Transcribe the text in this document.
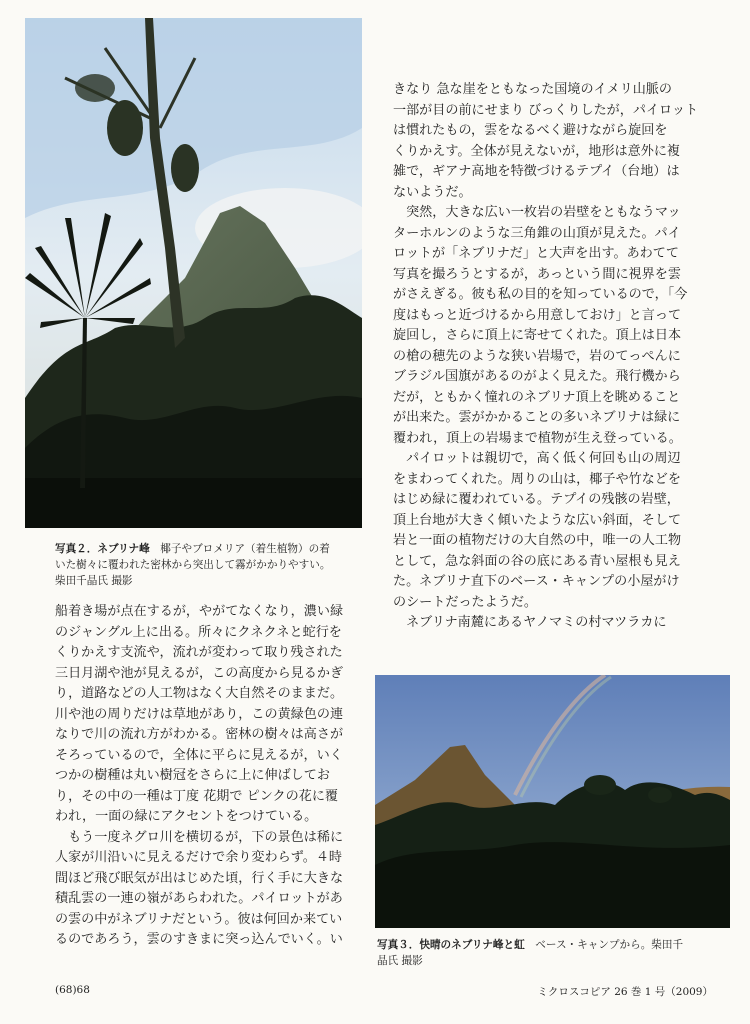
写真２．ネブリナ峰　椰子やブロメリア（着生植物）の着
いた樹々に覆われた密林から突出して霧がかかりやすい。
柴田千晶氏 撮影

きなり 急な崖をともなった国境のイメリ山脈の

一部が目の前にせまり びっくりしたが，パイロット

は慣れたもの，雲をなるべく避けながら旋回を

くりかえす。全体が見えないが，地形は意外に複

雑で，ギアナ高地を特徴づけるテプイ（台地）は

ないようだ。

　突然，大きな広い一枚岩の岩壁をともなうマッ

ターホルンのような三角錐の山頂が見えた。パイ

ロットが「ネブリナだ」と大声を出す。あわてて

写真を撮ろうとするが，あっという間に視界を雲

がさえぎる。彼も私の目的を知っているので，「今

度はもっと近づけるから用意しておけ」と言って

旋回し，さらに頂上に寄せてくれた。頂上は日本

の槍の穂先のような狭い岩場で，岩のてっぺんに

ブラジル国旗があるのがよく見えた。飛行機から

だが，ともかく憧れのネブリナ頂上を眺めること

が出来た。雲がかかることの多いネブリナは緑に

覆われ，頂上の岩場まで植物が生え登っている。

　パイロットは親切で，高く低く何回も山の周辺

をまわってくれた。周りの山は，椰子や竹などを

はじめ緑に覆われている。テプイの残骸の岩壁，

頂上台地が大きく傾いたような広い斜面，そして

岩と一面の植物だけの大自然の中，唯一の人工物

として，急な斜面の谷の底にある青い屋根も見え

た。ネブリナ直下のベース・キャンプの小屋がけ

のシートだったようだ。

　ネブリナ南麓にあるヤノマミの村マツラカに

船着き場が点在するが，やがてなくなり，濃い緑

のジャングル上に出る。所々にクネクネと蛇行を

くりかえす支流や，流れが変わって取り残された

三日月湖や池が見えるが，この高度から見るかぎ

り，道路などの人工物はなく大自然そのままだ。

川や池の周りだけは草地があり，この黄緑色の連

なりで川の流れ方がわかる。密林の樹々は高さが

そろっているので，全体に平らに見えるが，いく

つかの樹種は丸い樹冠をさらに上に伸ばしてお

り，その中の一種は丁度 花期で ピンクの花に覆

われ，一面の緑にアクセントをつけている。

　もう一度ネグロ川を横切るが，下の景色は稀に

人家が川沿いに見えるだけで余り変わらず。４時

間ほど飛び眠気が出はじめた頃，行く手に大きな

積乱雲の一連の嶺があらわれた。パイロットがあ

の雲の中がネブリナだという。彼は何回か来てい

るのであろう，雲のすきまに突っ込んでいく。い	写真３．快晴のネブリナ峰と虹　ベース・キャンプから。柴田千
晶氏 撮影
(68)68	ミクロスコピア 26 巻 1 号（2009）
